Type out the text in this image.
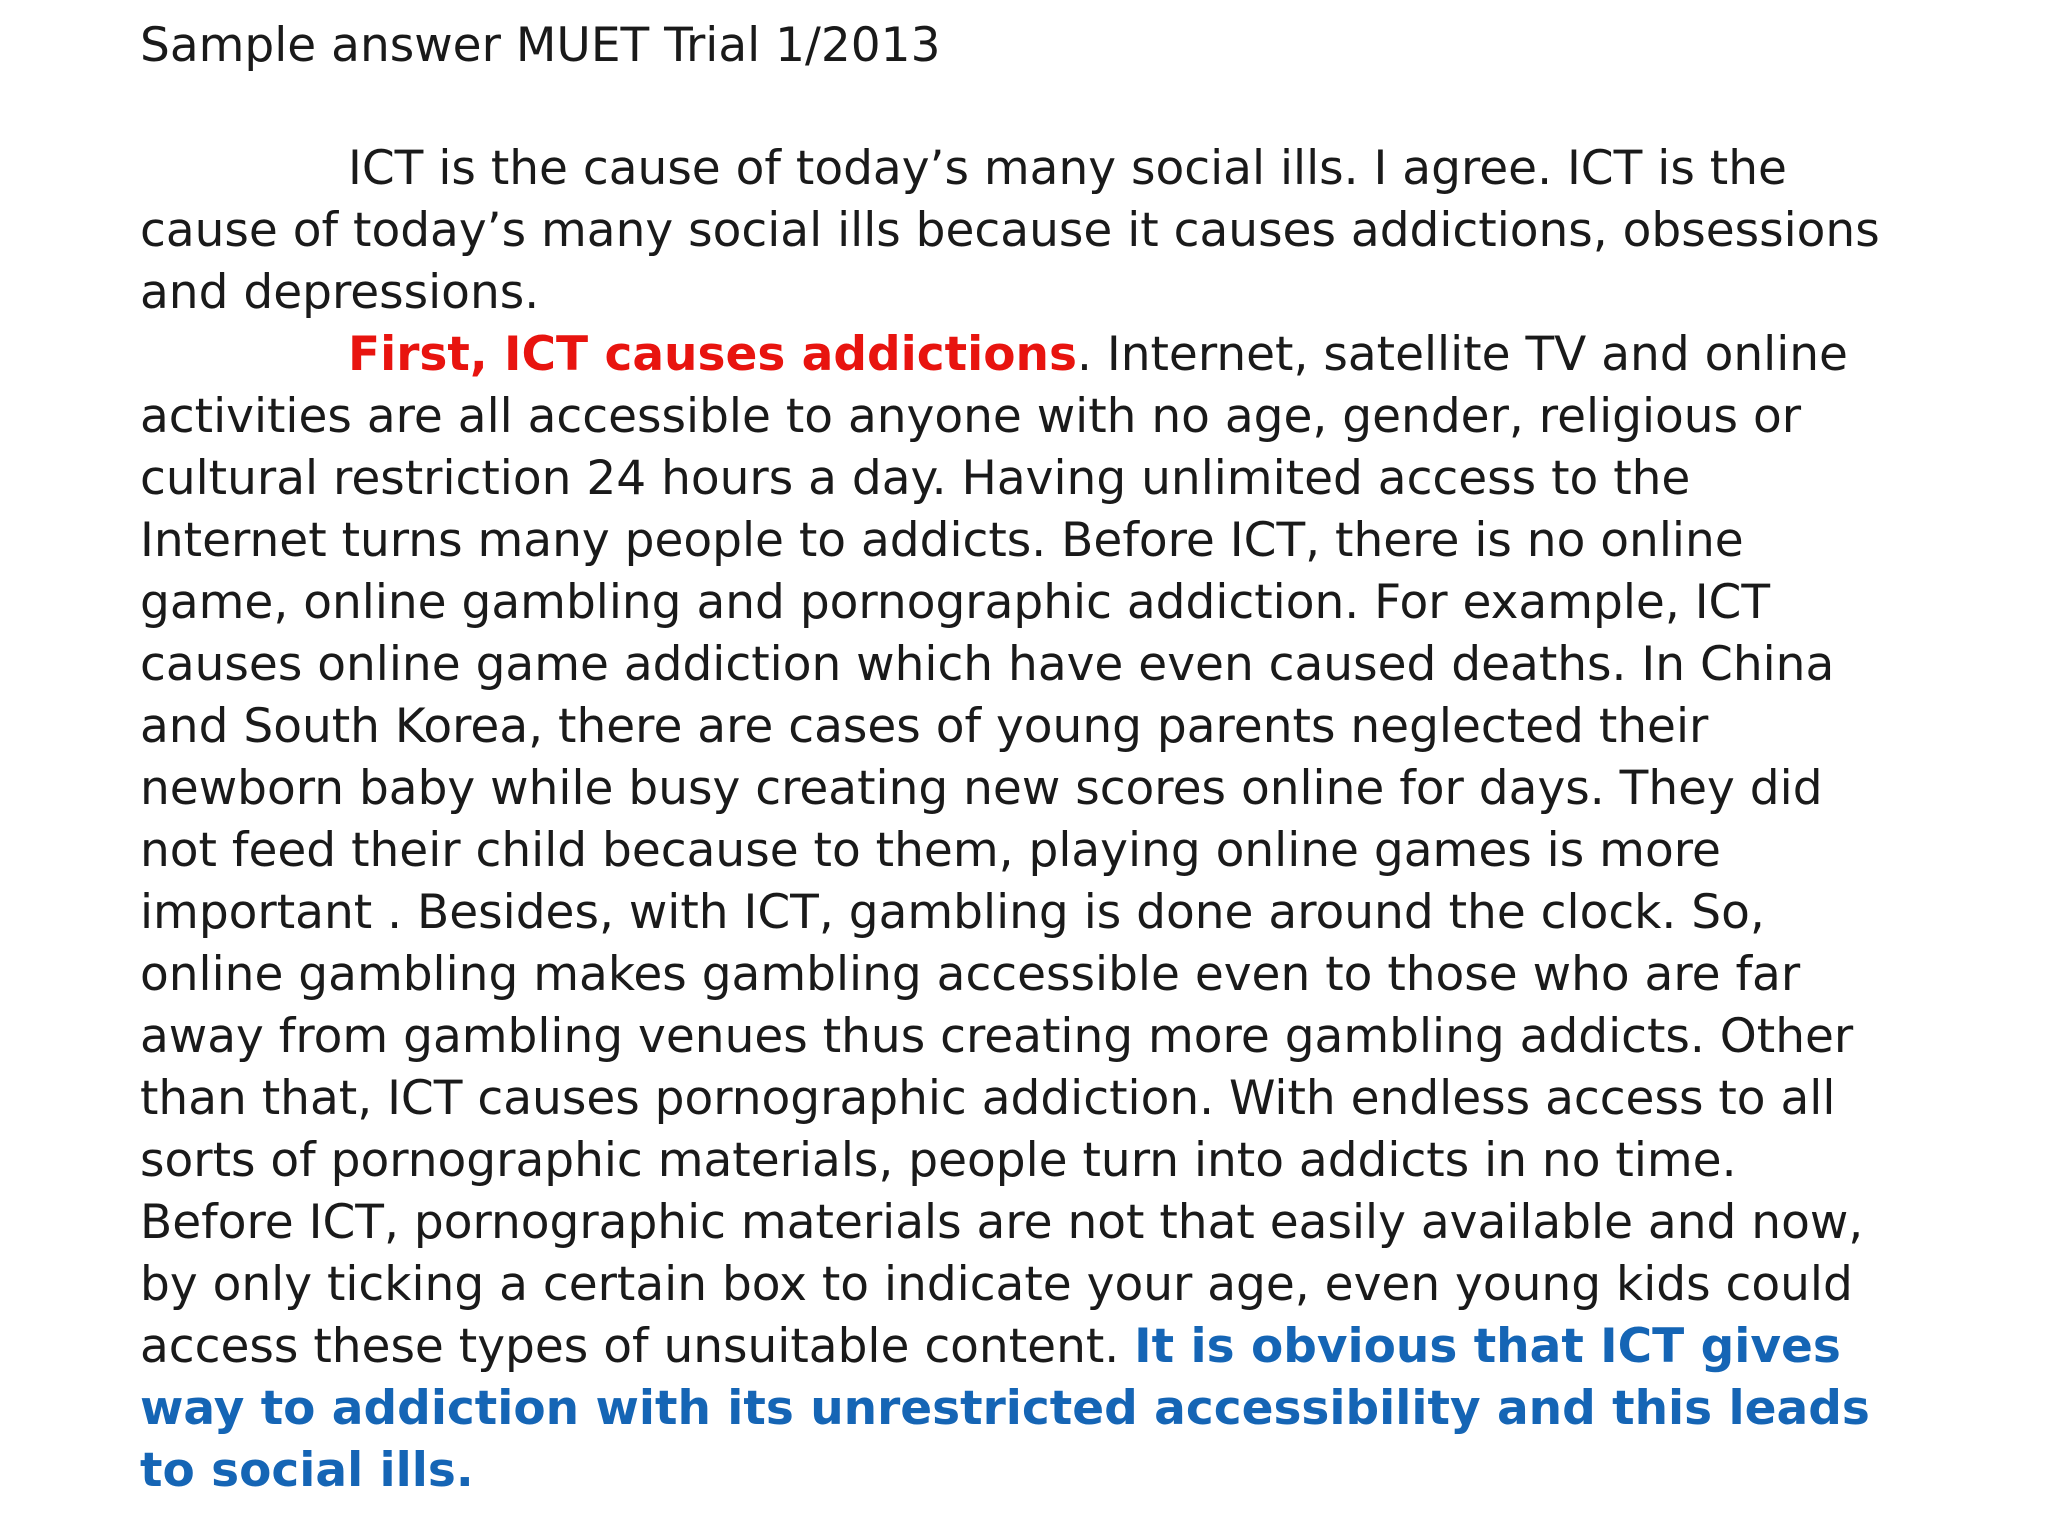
Sample answer MUET Trial 1/2013
ICT is the cause of today’s many social ills. I agree. ICT is the
cause of today’s many social ills because it causes addictions, obsessions
and depressions.
First, ICT causes addictions. Internet, satellite TV and online
activities are all accessible to anyone with no age, gender, religious or
cultural restriction 24 hours a day. Having unlimited access to the
Internet turns many people to addicts. Before ICT, there is no online
game, online gambling and pornographic addiction. For example, ICT
causes online game addiction which have even caused deaths. In China
and South Korea, there are cases of young parents neglected their
newborn baby while busy creating new scores online for days. They did
not feed their child because to them, playing online games is more
important . Besides, with ICT, gambling is done around the clock. So,
online gambling makes gambling accessible even to those who are far
away from gambling venues thus creating more gambling addicts. Other
than that, ICT causes pornographic addiction. With endless access to all
sorts of pornographic materials, people turn into addicts in no time.
Before ICT, pornographic materials are not that easily available and now,
by only ticking a certain box to indicate your age, even young kids could
access these types of unsuitable content. It is obvious that ICT gives
way to addiction with its unrestricted accessibility and this leads
to social ills.
